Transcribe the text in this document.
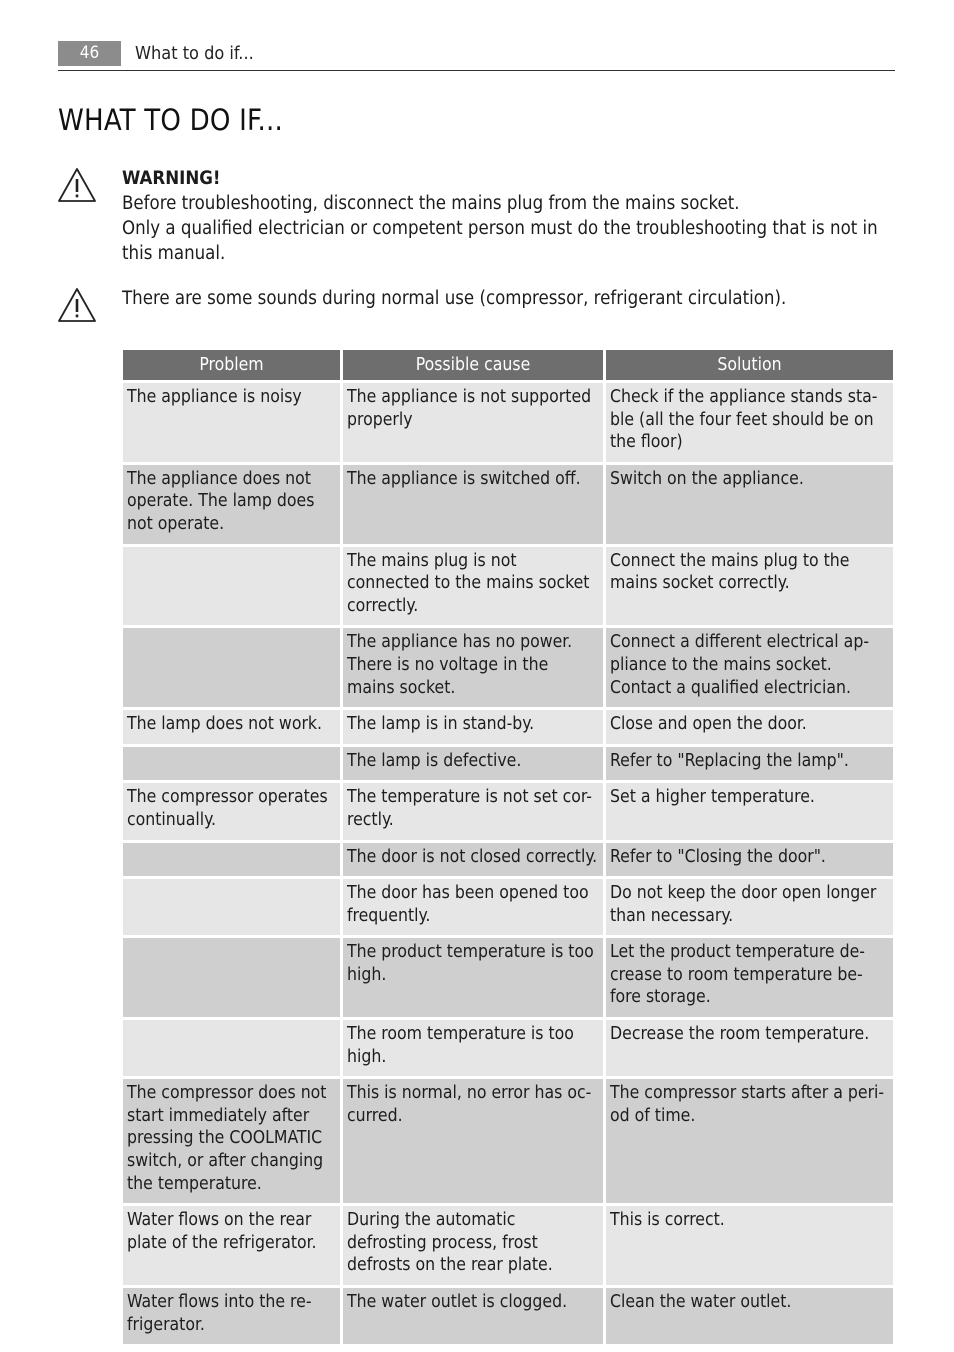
46	What to do if...
WHAT TO DO IF...
WARNING!
Before troubleshooting, disconnect the mains plug from the mains socket.
Only a qualified electrician or competent person must do the troubleshooting that is not in this manual.
There are some sounds during normal use (compressor, refrigerant circulation).
Problem	Possible cause	Solution
The appliance is noisy	The appliance is not supported properly	Check if the appliance stands sta-ble (all the four feet should be on the floor)
The appliance does not operate. The lamp does not operate.	The appliance is switched off.	Switch on the appliance.
	The mains plug is not connected to the mains socket correctly.	Connect the mains plug to the mains socket correctly.
	The appliance has no power. There is no voltage in the mains socket.	Connect a different electrical ap-pliance to the mains socket. Contact a qualified electrician.
The lamp does not work.	The lamp is in stand-by.	Close and open the door.
	The lamp is defective.	Refer to "Replacing the lamp".
The compressor operates continually.	The temperature is not set cor-rectly.	Set a higher temperature.
	The door is not closed correctly.	Refer to "Closing the door".
	The door has been opened too frequently.	Do not keep the door open longer than necessary.
	The product temperature is too high.	Let the product temperature de-crease to room temperature be-fore storage.
	The room temperature is too high.	Decrease the room temperature.
The compressor does not start immediately after pressing the COOLMATIC switch, or after changing the temperature.	This is normal, no error has oc-curred.	The compressor starts after a peri-od of time.
Water flows on the rear plate of the refrigerator.	During the automatic defrosting process, frost defrosts on the rear plate.	This is correct.
Water flows into the re-frigerator.	The water outlet is clogged.	Clean the water outlet.
